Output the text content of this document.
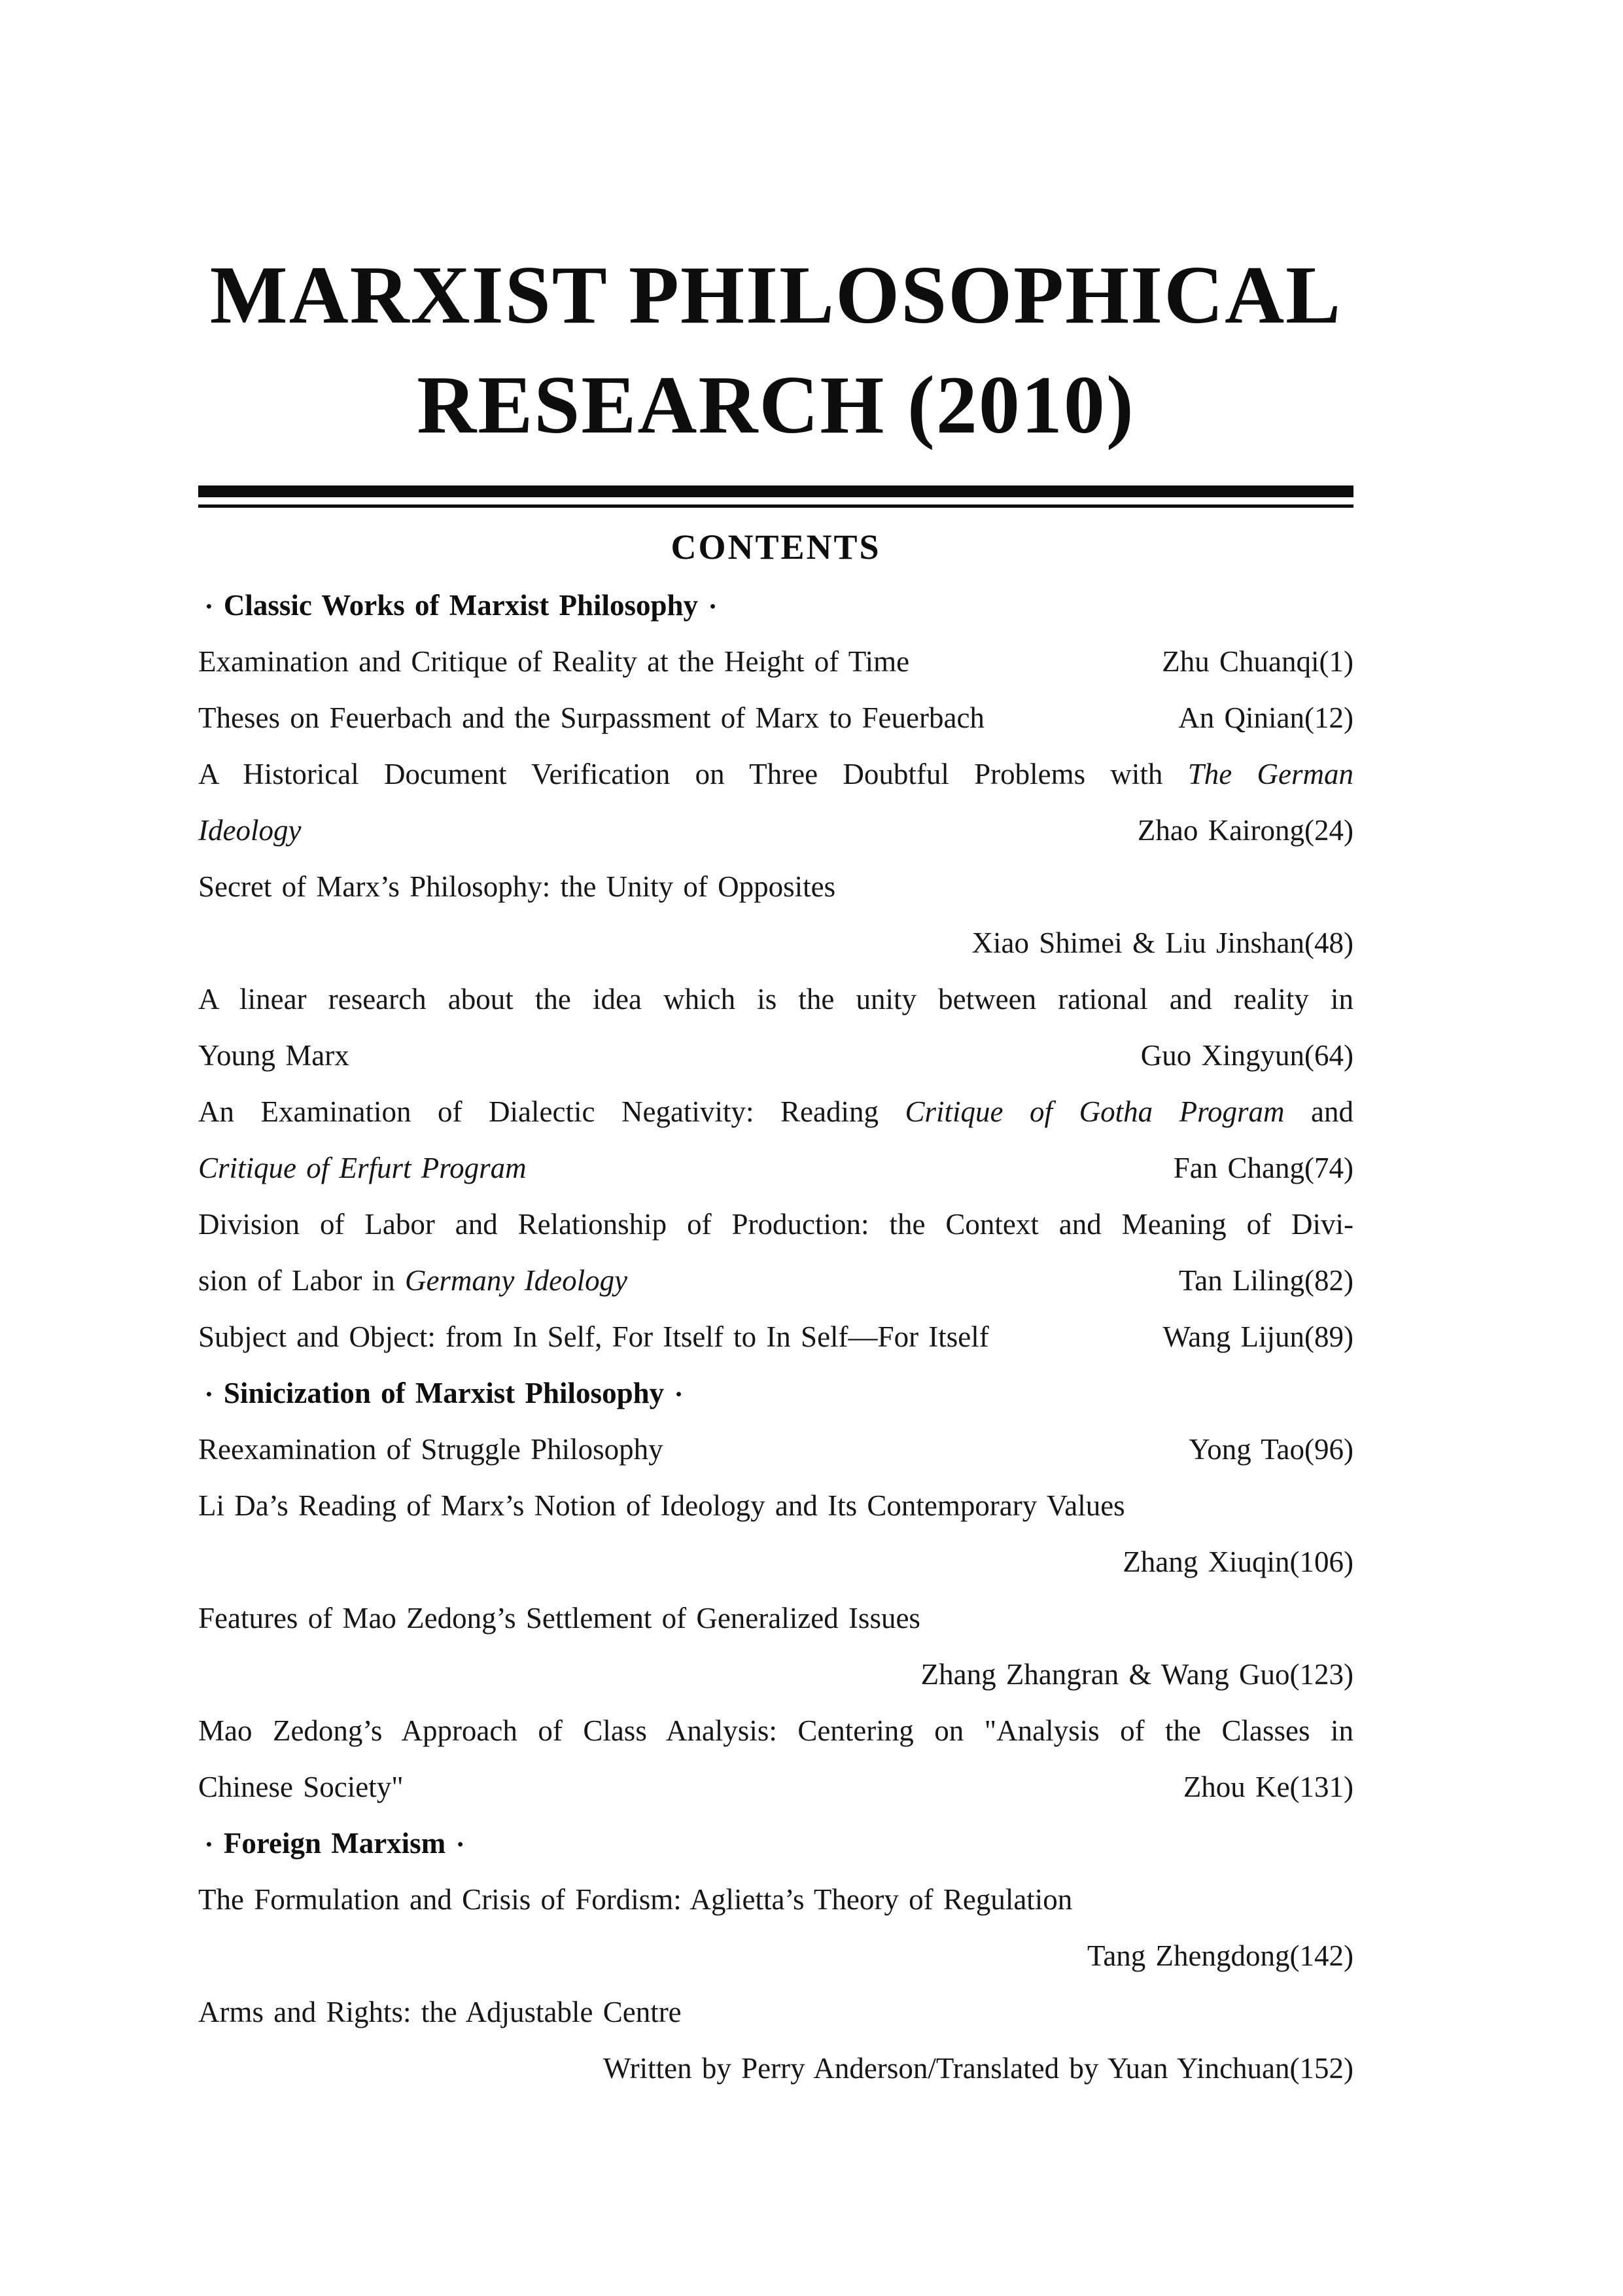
MARXIST PHILOSOPHICAL
RESEARCH (2010)
CONTENTS
• Classic Works of Marxist Philosophy •
Examination and Critique of Reality at the Height of Time	Zhu Chuanqi(1)
Theses on Feuerbach and the Surpassment of Marx to Feuerbach	An Qinian(12)
A Historical Document Verification on Three Doubtful Problems with The German
Ideology	Zhao Kairong(24)
Secret of Marx’s Philosophy: the Unity of Opposites
Xiao Shimei & Liu Jinshan(48)
A linear research about the idea which is the unity between rational and reality in
Young Marx	Guo Xingyun(64)
An Examination of Dialectic Negativity: Reading Critique of Gotha Program and
Critique of Erfurt Program	Fan Chang(74)
Division of Labor and Relationship of Production: the Context and Meaning of Divi-
sion of Labor in Germany Ideology	Tan Liling(82)
Subject and Object: from In Self, For Itself to In Self—For Itself	Wang Lijun(89)
• Sinicization of Marxist Philosophy •
Reexamination of Struggle Philosophy	Yong Tao(96)
Li Da’s Reading of Marx’s Notion of Ideology and Its Contemporary Values
Zhang Xiuqin(106)
Features of Mao Zedong’s Settlement of Generalized Issues
Zhang Zhangran & Wang Guo(123)
Mao Zedong’s Approach of Class Analysis: Centering on "Analysis of the Classes in
Chinese Society"	Zhou Ke(131)
• Foreign Marxism •
The Formulation and Crisis of Fordism: Aglietta’s Theory of Regulation
Tang Zhengdong(142)
Arms and Rights: the Adjustable Centre
Written by Perry Anderson/Translated by Yuan Yinchuan(152)
